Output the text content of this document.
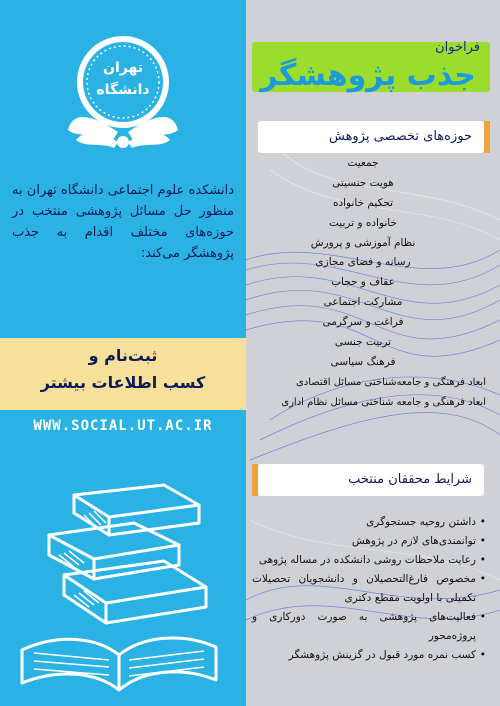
تهران
دانشگاه
فراخوان
جذب پژوهشگر
دانشکده علوم اجتماعی دانشگاه تهران به منظور حل مسائل پژوهشی منتخب در حوزه‌های مختلف اقدام به جذب پژوهشگر می‌کند:
ثبت‌نام و
کسب اطلاعات بیشتر
WWW.SOCIAL.UT.AC.IR
حوزه‌های تخصصی پژوهش
جمعیت
هویت جنسیتی
تحکیم خانواده
خانواده و تربیت
نظام آموزشی و پرورش
رسانه و فضای مجازی
عفاف و حجاب
مشارکت اجتماعی
فراغت و سرگرمی
تربیت جنسی
فرهنگ سیاسی
ابعاد فرهنگی و جامعه‌شناختی مسائل اقتصادی
ابعاد فرهنگی و جامعه شناختی مسائل نظام اداری
شرایط محققان منتخب
• داشتن روحیه جستجوگری
• توانمندی‌های لازم در پژوهش
• رعایت ملاحظات روشی دانشکده در مساله پژوهی
• مخصوص فارغ‌التحصیلان و دانشجویان تحصیلات تکمیلی با اولویت مقطع دکتری
• فعالیت‌های پژوهشی به صورت دورکاری و پروژه‌محور
• کسب نمره مورد قبول در گزینش پژوهشگر
